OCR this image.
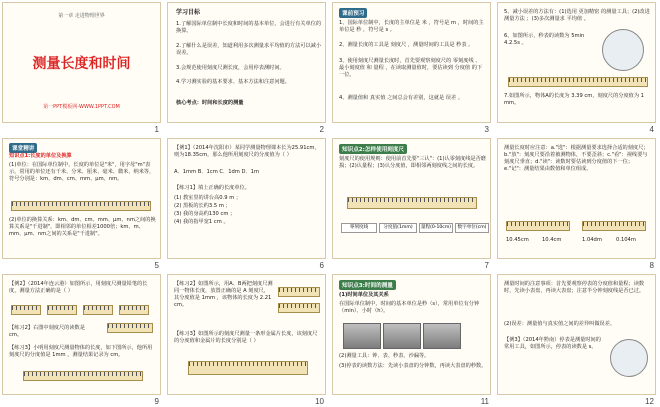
第一章 走进物理世界
测量长度和时间
第一PPT模板网-WWW.1PPT.COM
1
学习目标
1.了解国际单位制中长度和时间的基本单位，会进行有关单位的换算。
2.了解什么是误差，知道利用多次测量求平均值的方法可以减小误差。
3.会规范使用刻度尺测长度，会用停表测时间。
4.学习测实验的基本要求、基本方法和注意问题。
核心考点：时间和长度的测量
2
课前预习
1、国际单位制中，长度的主单位是 米 ，符号是 m ，时间的主单位是 秒 ，符号是 s 。
2、测量长度的工具是 刻度尺 ，测量时间的工具是 秒表 。
3、使用刻度尺测量长度时，首先要观察刻度尺的 零刻度线 、 最小刻度值 和 量程 ，在读取测量值时，要估读到 分度值 的下一位。
4、测量值和 真实值 之间总会有差别，这就是 误差 。
3
5、减小误差的方法有：(1)选用 更加精密 的测量工具；(2)改进 测量方法 ；(3)多次测量求 平均值 。
6、如图所示，秒表的读数为 5min 4.2.5s 。
7.如图所示，物体A的长度为 3.39 cm，刻度尺的分度值为 1 mm。
4
课堂精讲
知识点1:长度的单位及换算
(1)单位：在国际单位制中，长度的单位是"米"，用字母"m"表示。常用的单位还有千米、分米、厘米、毫米、微米、纳米等，符号分别是：km、dm、cm、mm、μm、nm。
(2)单位的换算关系：km、dm、cm、mm、μm、nm之间的换算关系是"千进制"，即相邻的单位相差1000倍；km、m、mm、μm、nm之间的关系是"千进制"。
5
【例1】（2014年沈阳市）某同学测量物理课本长为25.91cm，则为18.35cm，那么他所用刻度尺的分度值为（ ）
A．1mm B．1cm C．1dm D．1m
【练习1】填上正确的长度单位。
(1) 教室里的讲台高0.9 m ；
(2) 黑板的长约3.5 m ；
(3) 我的身高约130 cm ；
(4) 我的指甲宽1 cm 。
6
知识点2:怎样使用刻度尺
刻度尺的使用规则：使用前首先要"三认"：(1)认零刻度线是否磨损；(2)认量程；(3)认分度值，即相邻两刻度线之间的长度。
零刻度线	分度值(1mm)	量程(0-10cm)	数字单位(cm)
7
测量长度时应注意：a."选"：根据测量要求选择合适的刻度尺；b."放"：刻度尺要沿着被测物体，不要歪斜；c."看"：视线要与刻度尺垂直；d."读"：读数时要估读到分度值的下一位；e."记"：测量结果由数值和单位组成。
10.45cm	10.4cm	1.04dm	0.104m
8
【例2】（2014年连云港）如图所示，用刻度尺测量铅笔的长度，测量方法正确的是（ ）
【练习2】右图中刻度尺的读数是 cm。
【练习3】小明用刻度尺测量物体的长度，如下图所示，他所用刻度尺的分度值是 1mm ，测量结果记录为 cm。
9
【练习2】如图所示，用A、B两把刻度尺测同一物体长度，放置正确的是 A 刻度尺，其分度值是 1mm ，该物体的长度为 2.21 cm。
【练习3】如图所示的刻度尺测量一条形金属片长度，该刻度尺的分度值和金属片的长度分别是（ ）
10
知识点3:时间的测量
(1)时间单位及其关系
在国际单位制中，时间的基本单位是秒（s），常用单位有分钟（min）、小时（h）。
(2)测量工具：钟、表、秒表、沙漏等。
(3)停表的读数方法：先读小表盘的分钟数，再读大表盘的秒数。
11
测量时间的注意事项：首先要观察停表的分度值和量程；读数时，先读小表盘，再读大表盘；注意半分钟刻度线是否已过。
(2)误差：测量值与真实值之间的差异叫做误差。
【例3】（2014年黔南）停表是测量时间的常用工具，如图所示，停表的读数是 s。
12
